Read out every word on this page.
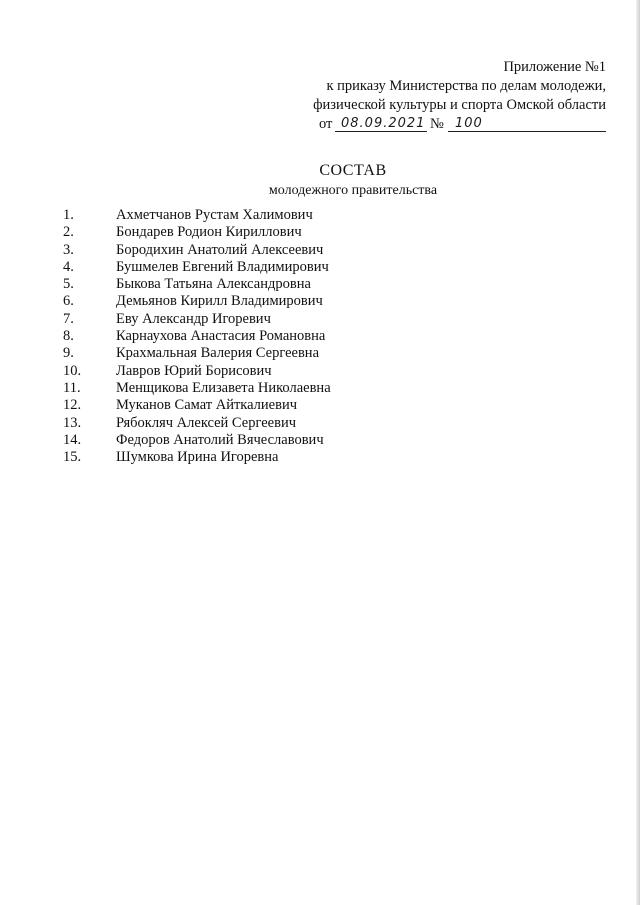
Приложение №1
к приказу Министерства по делам молодежи,
физической культуры и спорта Омской области
от 08.09.2021 № 100
СОСТАВ
молодежного правительства
1.	Ахметчанов Рустам Халимович
2.	Бондарев Родион Кириллович
3.	Бородихин Анатолий Алексеевич
4.	Бушмелев Евгений Владимирович
5.	Быкова Татьяна Александровна
6.	Демьянов Кирилл Владимирович
7.	Еву Александр Игоревич
8.	Карнаухова Анастасия Романовна
9.	Крахмальная Валерия Сергеевна
10.	Лавров Юрий Борисович
11.	Менщикова Елизавета Николаевна
12.	Муканов Самат Айткалиевич
13.	Рябокляч Алексей Сергеевич
14.	Федоров Анатолий Вячеславович
15.	Шумкова Ирина Игоревна
